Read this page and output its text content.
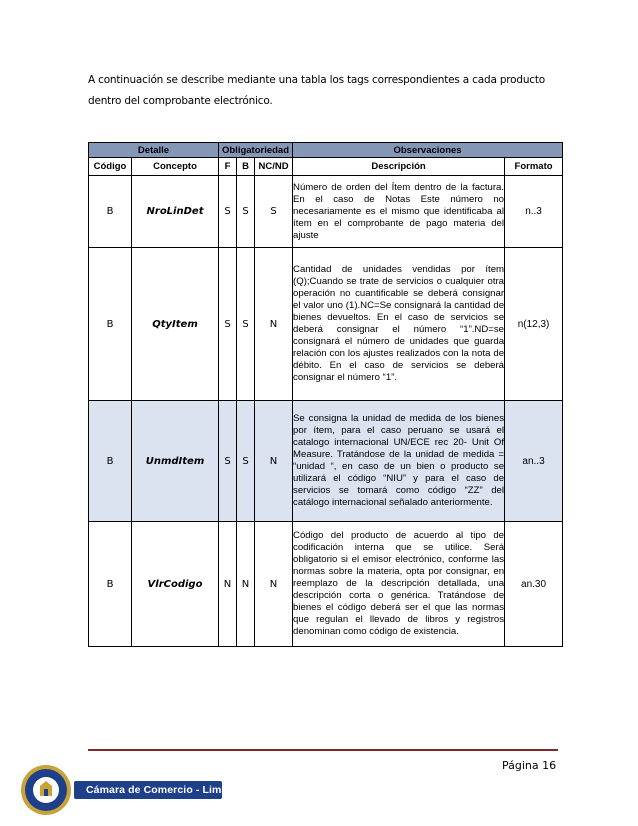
A continuación se describe mediante una tabla los tags correspondientes a cada producto dentro del comprobante electrónico.
Detalle		Obligatoriedad			Observaciones	
Código	Concepto	F	B	NC/ND	Descripción	Formato
B	NroLinDet	S	S	S	Número de orden del Ítem dentro de la factura. En el caso de Notas Este número no necesariamente es el mismo que identificaba al ítem en el comprobante de pago materia del ajuste	n..3
B	QtyItem	S	S	N	Cantidad de unidades vendidas por ítem (Q);Cuando se trate de servicios o cualquier otra operación no cuantificable se deberá consignar el valor uno (1).NC=Se consignará la cantidad de bienes devueltos. En el caso de servicios se deberá consignar el número “1”.ND=se consignará el número de unidades que guarda relación con los ajustes realizados con la nota de débito. En el caso de servicios se deberá consignar el número “1”.	n(12,3)
B	UnmdItem	S	S	N	Se consigna la unidad de medida de los bienes por ítem, para el caso peruano se usará el catalogo internacional UN/ECE rec 20- Unit Of Measure. Tratándose de la unidad de medida = “unidad “, en caso de un bien o producto se utilizará el código “NIU” y para el caso de servicios se tomará como código “ZZ” del catálogo internacional señalado anteriormente.	an..3
B	VlrCodigo	N	N	N	Código del producto de acuerdo al tipo de codificación interna que se utilice. Será obligatorio si el emisor electrónico, conforme las normas sobre la materia, opta por consignar, en reemplazo de la descripción detallada, una descripción corta o genérica. Tratándose de bienes el código deberá ser el que las normas que regulan el llevado de libros y registros denominan como código de existencia.	an.30
Página 16
Cámara de Comercio - Lima
